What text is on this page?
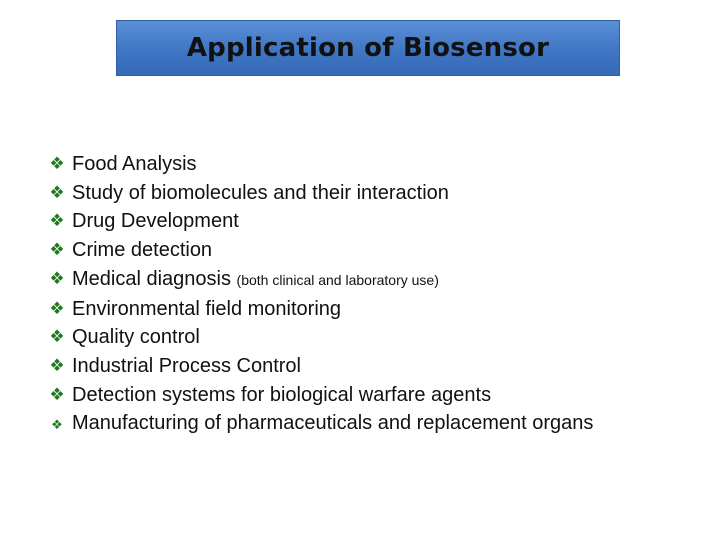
Application of Biosensor
❖ Food Analysis
❖ Study of biomolecules and their interaction
❖ Drug Development
❖ Crime detection
❖ Medical diagnosis (both clinical and laboratory use)
❖ Environmental field monitoring
❖ Quality control
❖ Industrial Process Control
❖ Detection systems for biological warfare agents
❖ Manufacturing of pharmaceuticals and replacement organs
